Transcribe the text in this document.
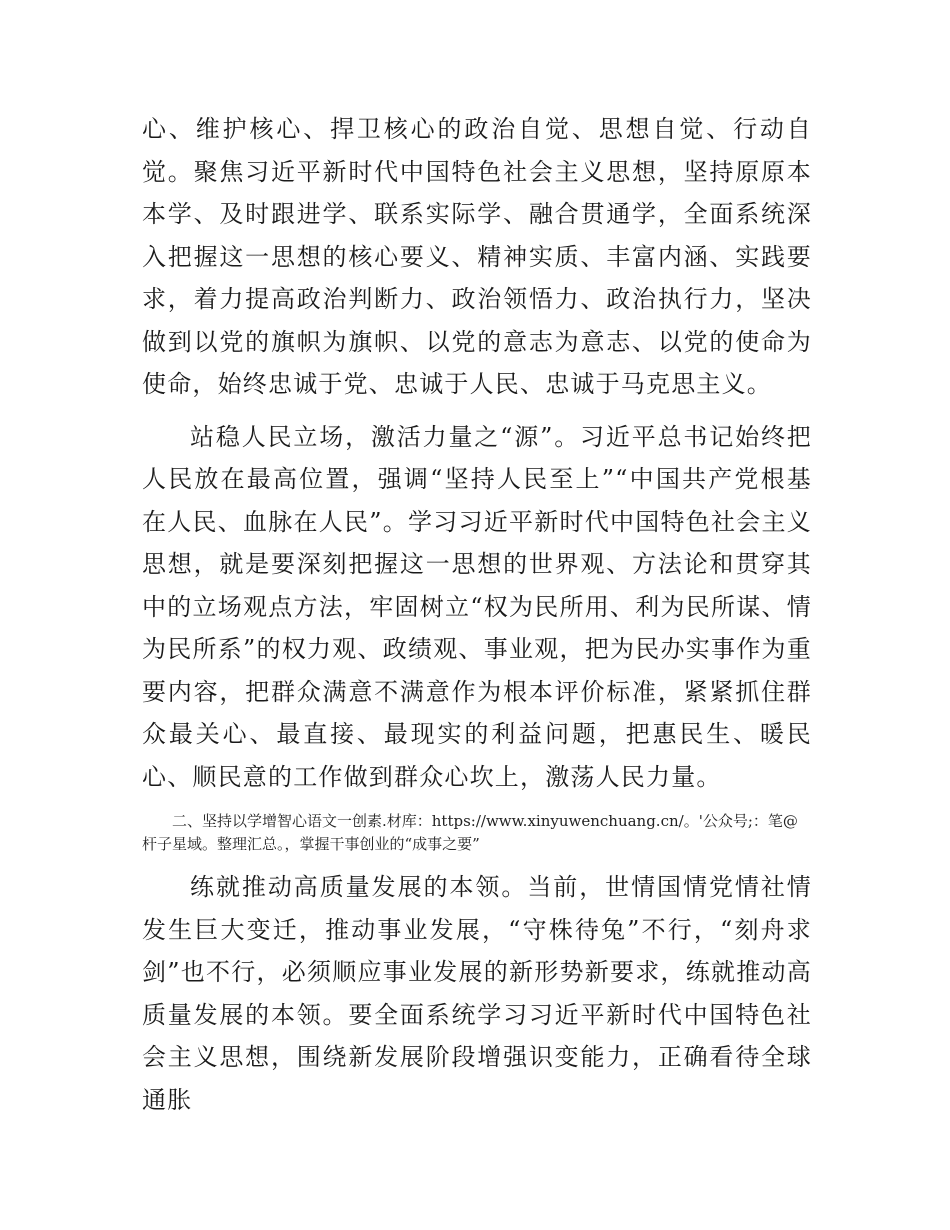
心、维护核心、捍卫核心的政治自觉、思想自觉、行动自觉。聚焦习近平新时代中国特色社会主义思想，坚持原原本本学、及时跟进学、联系实际学、融合贯通学，全面系统深入把握这一思想的核心要义、精神实质、丰富内涵、实践要求，着力提高政治判断力、政治领悟力、政治执行力，坚决做到以党的旗帜为旗帜、以党的意志为意志、以党的使命为使命，始终忠诚于党、忠诚于人民、忠诚于马克思主义。

站稳人民立场，激活力量之“源”。习近平总书记始终把人民放在最高位置，强调“坚持人民至上”“中国共产党根基在人民、血脉在人民”。学习习近平新时代中国特色社会主义思想，就是要深刻把握这一思想的世界观、方法论和贯穿其中的立场观点方法，牢固树立“权为民所用、利为民所谋、情为民所系”的权力观、政绩观、事业观，把为民办实事作为重要内容，把群众满意不满意作为根本评价标准，紧紧抓住群众最关心、最直接、最现实的利益问题，把惠民生、暖民心、顺民意的工作做到群众心坎上，激荡人民力量。

二、坚持以学增智心语文一创素.材库：https://www.xinyuwenchuang.cn/。'公众号;：笔@杆子星域。整理汇总。，掌握干事创业的“成事之要”

练就推动高质量发展的本领。当前，世情国情党情社情发生巨大变迁，推动事业发展，“守株待兔”不行，“刻舟求剑”也不行，必须顺应事业发展的新形势新要求，练就推动高质量发展的本领。要全面系统学习习近平新时代中国特色社会主义思想，围绕新发展阶段增强识变能力，正确看待全球通胀
